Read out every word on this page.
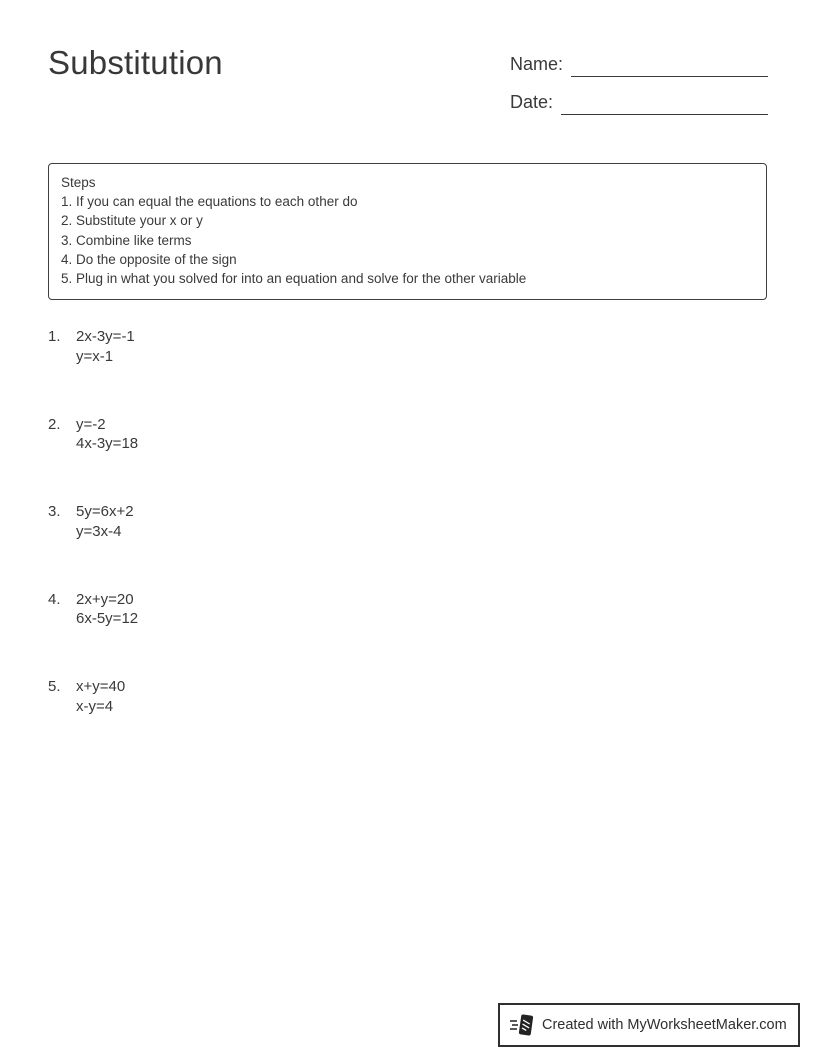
Substitution	Name:
Date:
Steps
1. If you can equal the equations to each other do
2. Substitute your x or y
3. Combine like terms
4. Do the opposite of the sign
5. Plug in what you solved for into an equation and solve for the other variable
1.	2x-3y=-1
y=x-1
2.	y=-2
4x-3y=18
3.	5y=6x+2
y=3x-4
4.	2x+y=20
6x-5y=12
5.	x+y=40
x-y=4
Created with MyWorksheetMaker.com
